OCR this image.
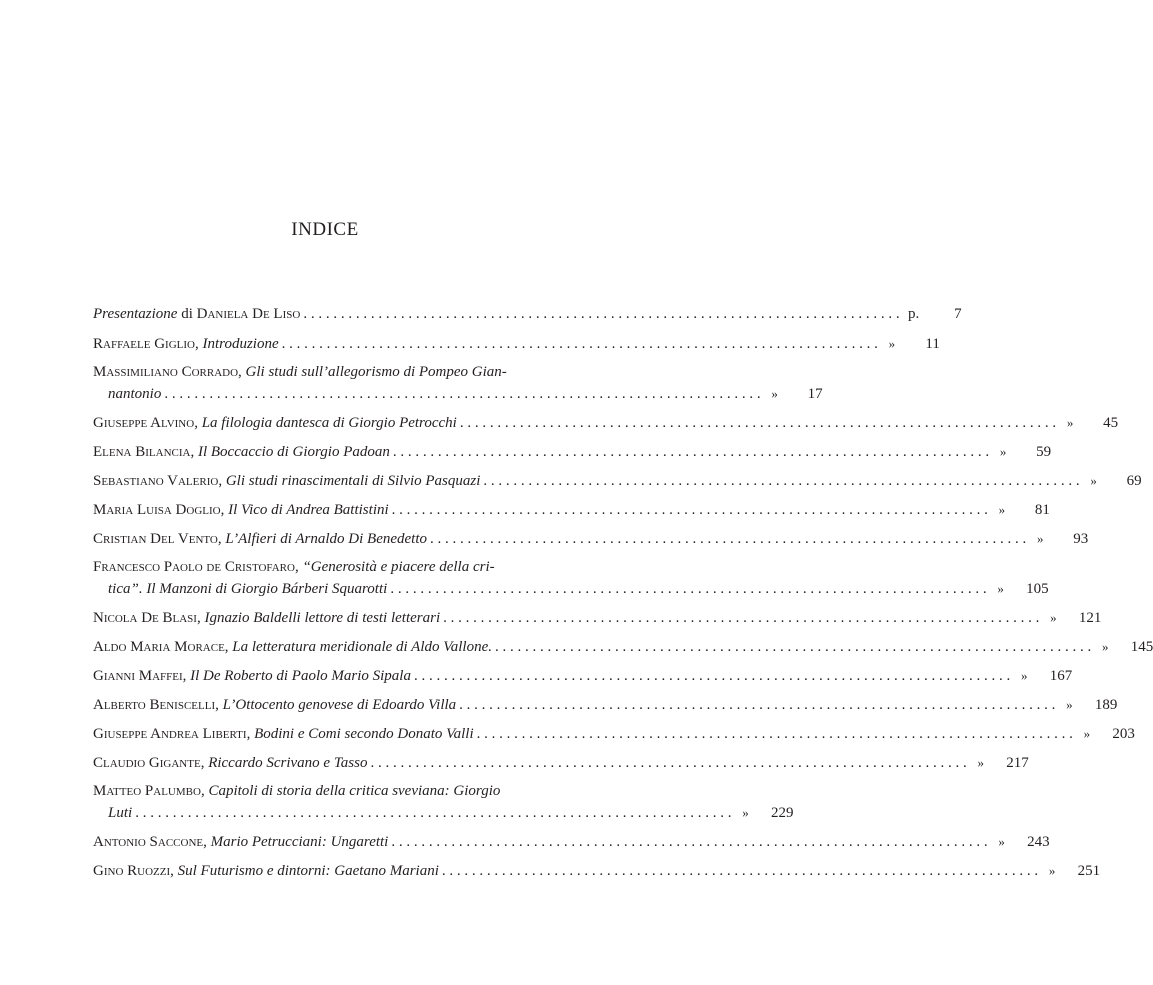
INDICE
Presentazione di Daniela De Liso . . .	p.	7
Raffaele Giglio, Introduzione . . .	»	11
Massimiliano Corrado, Gli studi sull’allegorismo di Pompeo Gian-
nantonio . . .	»	17
Giuseppe Alvino, La filologia dantesca di Giorgio Petrocchi . . .	»	45
Elena Bilancia, Il Boccaccio di Giorgio Padoan . . .	»	59
Sebastiano Valerio, Gli studi rinascimentali di Silvio Pasquazi . . .	»	69
Maria Luisa Doglio, Il Vico di Andrea Battistini . . .	»	81
Cristian Del Vento, L’Alfieri di Arnaldo Di Benedetto . . .	»	93
Francesco Paolo de Cristofaro, “Generosità e piacere della cri-
tica”. Il Manzoni di Giorgio Bárberi Squarotti . . .	»	105
Nicola De Blasi, Ignazio Baldelli lettore di testi letterari . . .	»	121
Aldo Maria Morace, La letteratura meridionale di Aldo Vallone. . . .	»	145
Gianni Maffei, Il De Roberto di Paolo Mario Sipala . . .	»	167
Alberto Beniscelli, L’Ottocento genovese di Edoardo Villa . . .	»	189
Giuseppe Andrea Liberti, Bodini e Comi secondo Donato Valli . . .	»	203
Claudio Gigante, Riccardo Scrivano e Tasso . . .	»	217
Matteo Palumbo, Capitoli di storia della critica sveviana: Giorgio
Luti . . .	»	229
Antonio Saccone, Mario Petrucciani: Ungaretti . . .	»	243
Gino Ruozzi, Sul Futurismo e dintorni: Gaetano Mariani . . .	»	251
